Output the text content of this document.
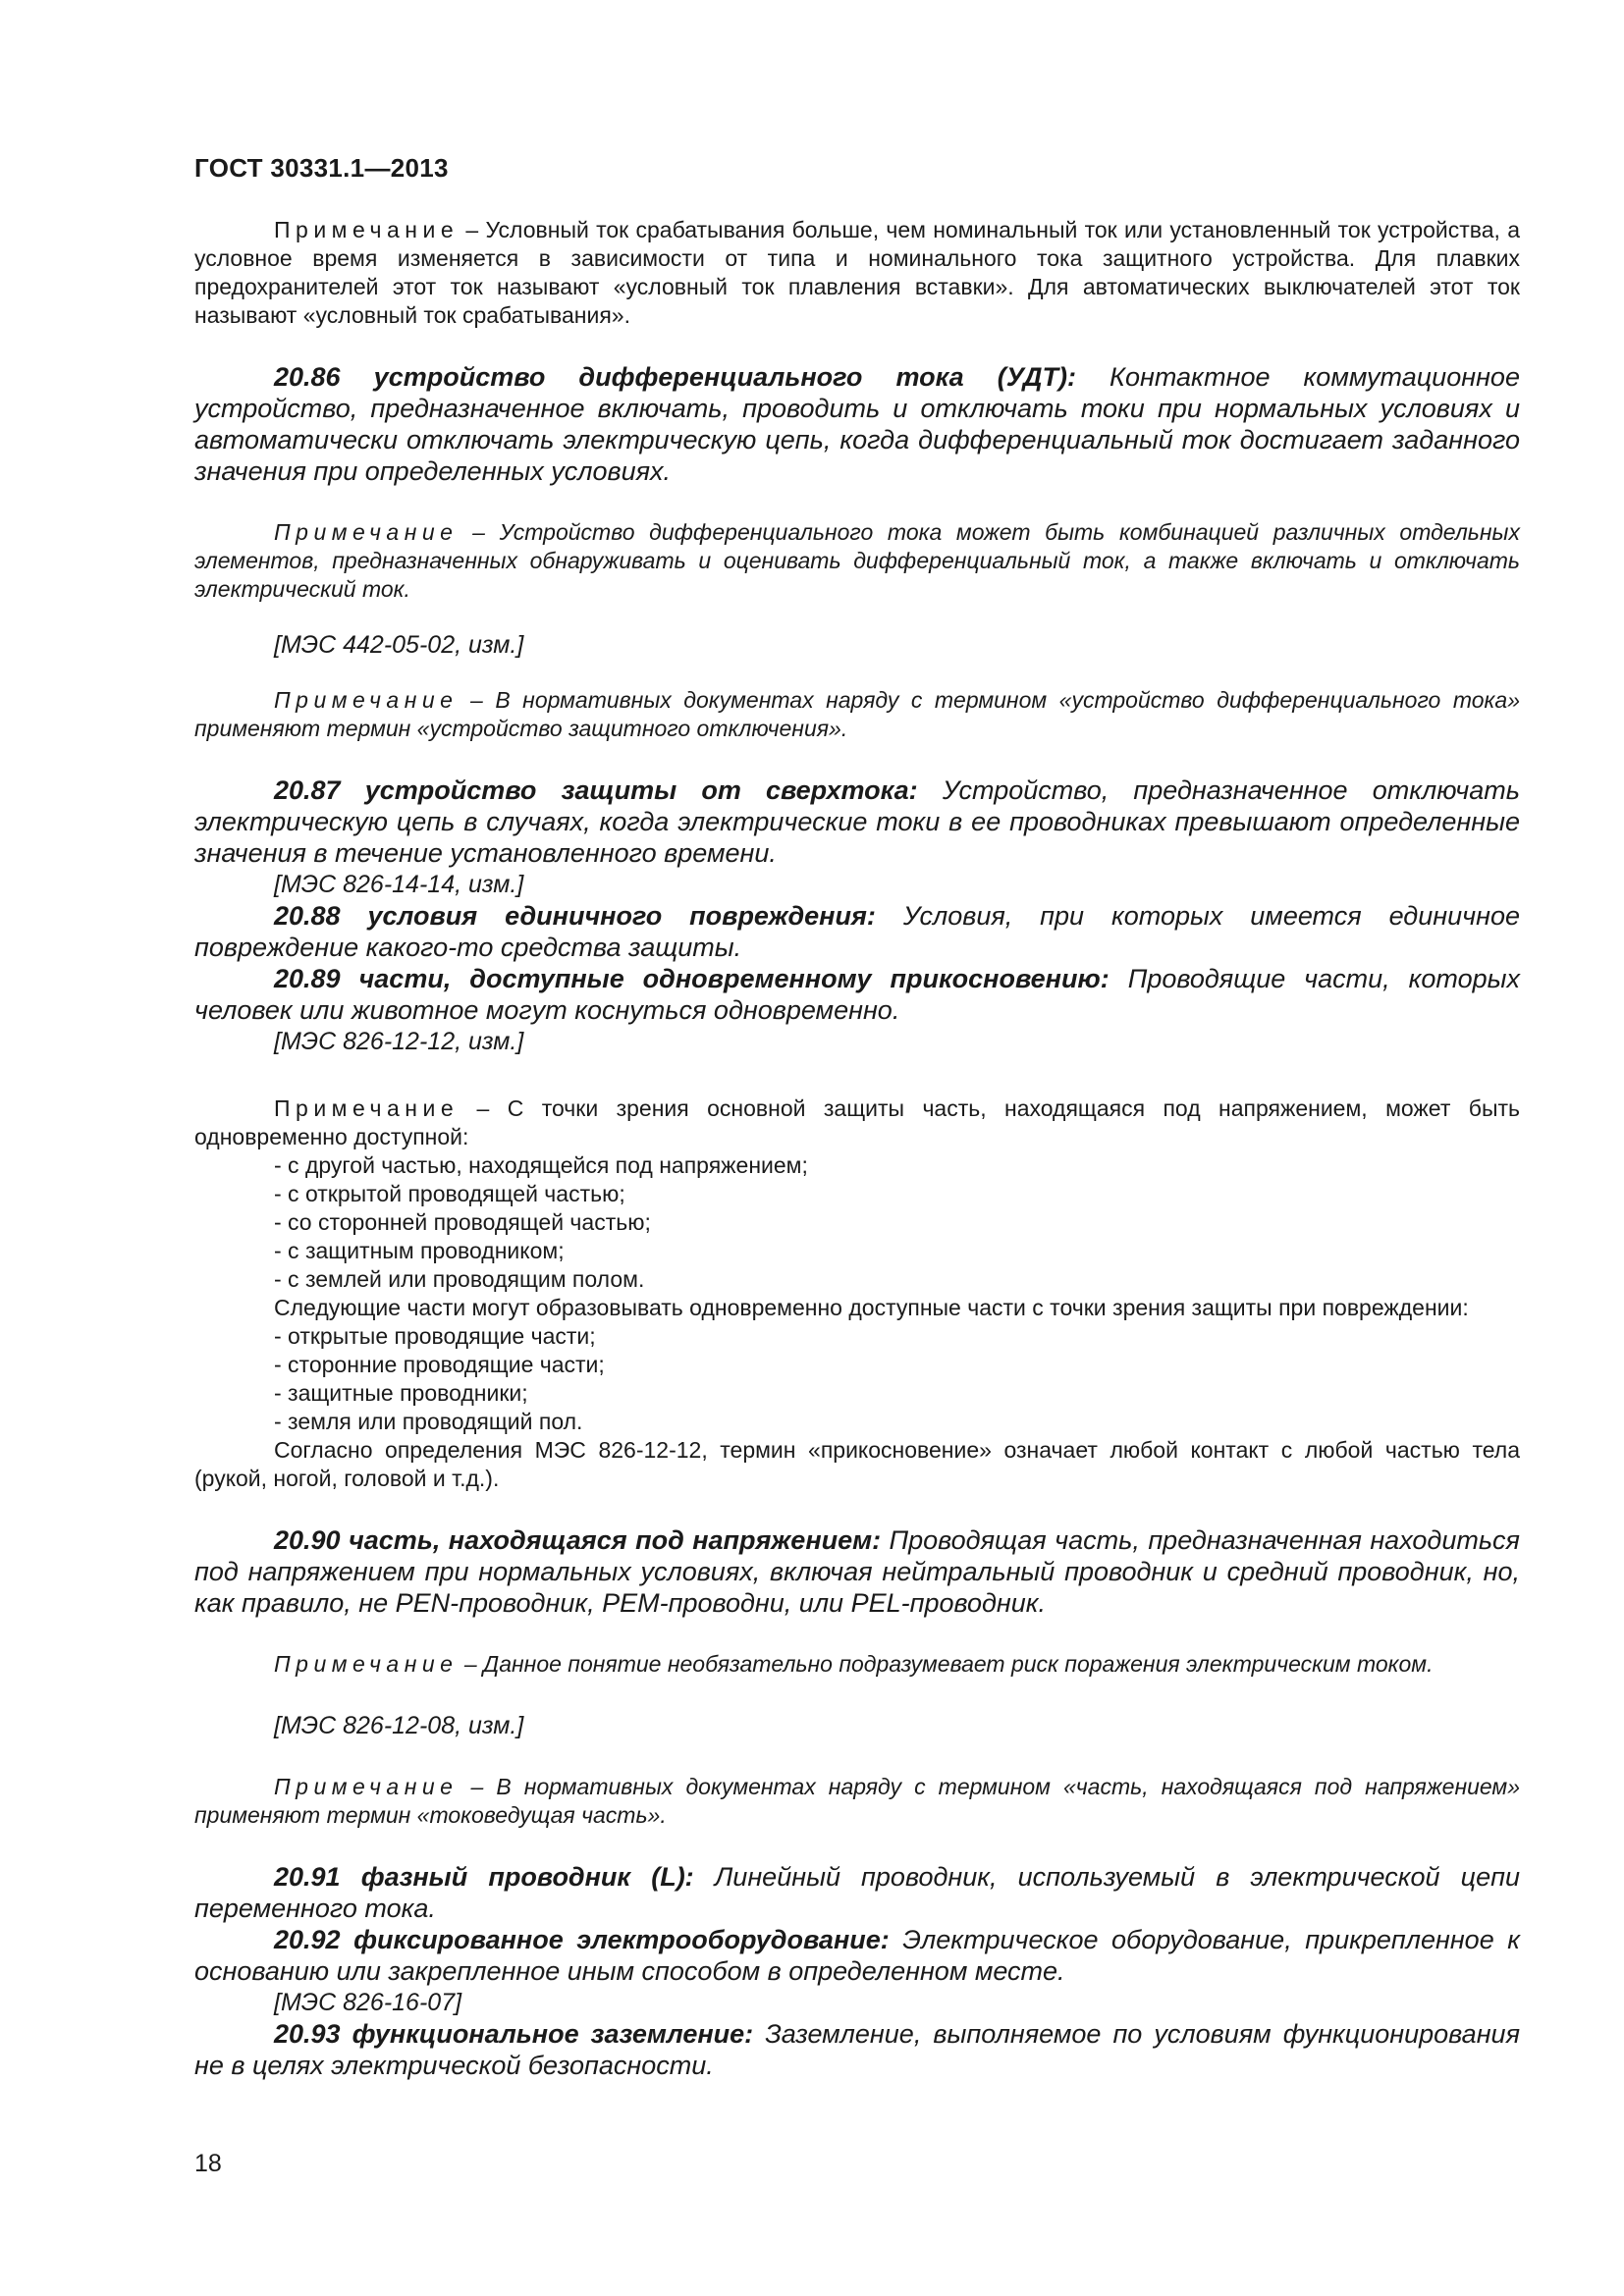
ГОСТ 30331.1—2013

Примечание – Условный ток срабатывания больше, чем номинальный ток или установленный ток устройства, а условное время изменяется в зависимости от типа и номинального тока защитного устройства. Для плавких предохранителей этот ток называют «условный ток плавления вставки». Для автоматических выключателей этот ток называют «условный ток срабатывания».

20.86 устройство дифференциального тока (УДТ): Контактное коммутационное устройство, предназначенное включать, проводить и отключать токи при нормальных условиях и автоматически отключать электрическую цепь, когда дифференциальный ток достигает заданного значения при определенных условиях.

Примечание – Устройство дифференциального тока может быть комбинацией различных отдельных элементов, предназначенных обнаруживать и оценивать дифференциальный ток, а также включать и отключать электрический ток.

[МЭС 442-05-02, изм.]

Примечание – В нормативных документах наряду с термином «устройство дифференциального тока» применяют термин «устройство защитного отключения».

20.87 устройство защиты от сверхтока: Устройство, предназначенное отключать электрическую цепь в случаях, когда электрические токи в ее проводниках превышают определенные значения в течение установленного времени.

[МЭС 826-14-14, изм.]

20.88 условия единичного повреждения: Условия, при которых имеется единичное повреждение какого-то средства защиты.

20.89 части, доступные одновременному прикосновению: Проводящие части, которых человек или животное могут коснуться одновременно.

[МЭС 826-12-12, изм.]

Примечание – С точки зрения основной защиты часть, находящаяся под напряжением, может быть одновременно доступной:

- с другой частью, находящейся под напряжением;
- с открытой проводящей частью;
- со сторонней проводящей частью;
- с защитным проводником;
- с землей или проводящим полом.

Следующие части могут образовывать одновременно доступные части с точки зрения защиты при повреждении:

- открытые проводящие части;
- сторонние проводящие части;
- защитные проводники;
- земля или проводящий пол.

Согласно определения МЭС 826-12-12, термин «прикосновение» означает любой контакт с любой частью тела (рукой, ногой, головой и т.д.).

20.90 часть, находящаяся под напряжением: Проводящая часть, предназначенная находиться под напряжением при нормальных условиях, включая нейтральный проводник и средний проводник, но, как правило, не PEN-проводник, PEM-проводни, или PEL-проводник.

Примечание – Данное понятие необязательно подразумевает риск поражения электрическим током.

[МЭС 826-12-08, изм.]

Примечание – В нормативных документах наряду с термином «часть, находящаяся под напряжением» применяют термин «токоведущая часть».

20.91 фазный проводник (L): Линейный проводник, используемый в электрической цепи переменного тока.

20.92 фиксированное электрооборудование: Электрическое оборудование, прикрепленное к основанию или закрепленное иным способом в определенном месте.

[МЭС 826-16-07]

20.93 функциональное заземление: Заземление, выполняемое по условиям функционирования не в целях электрической безопасности.

18
